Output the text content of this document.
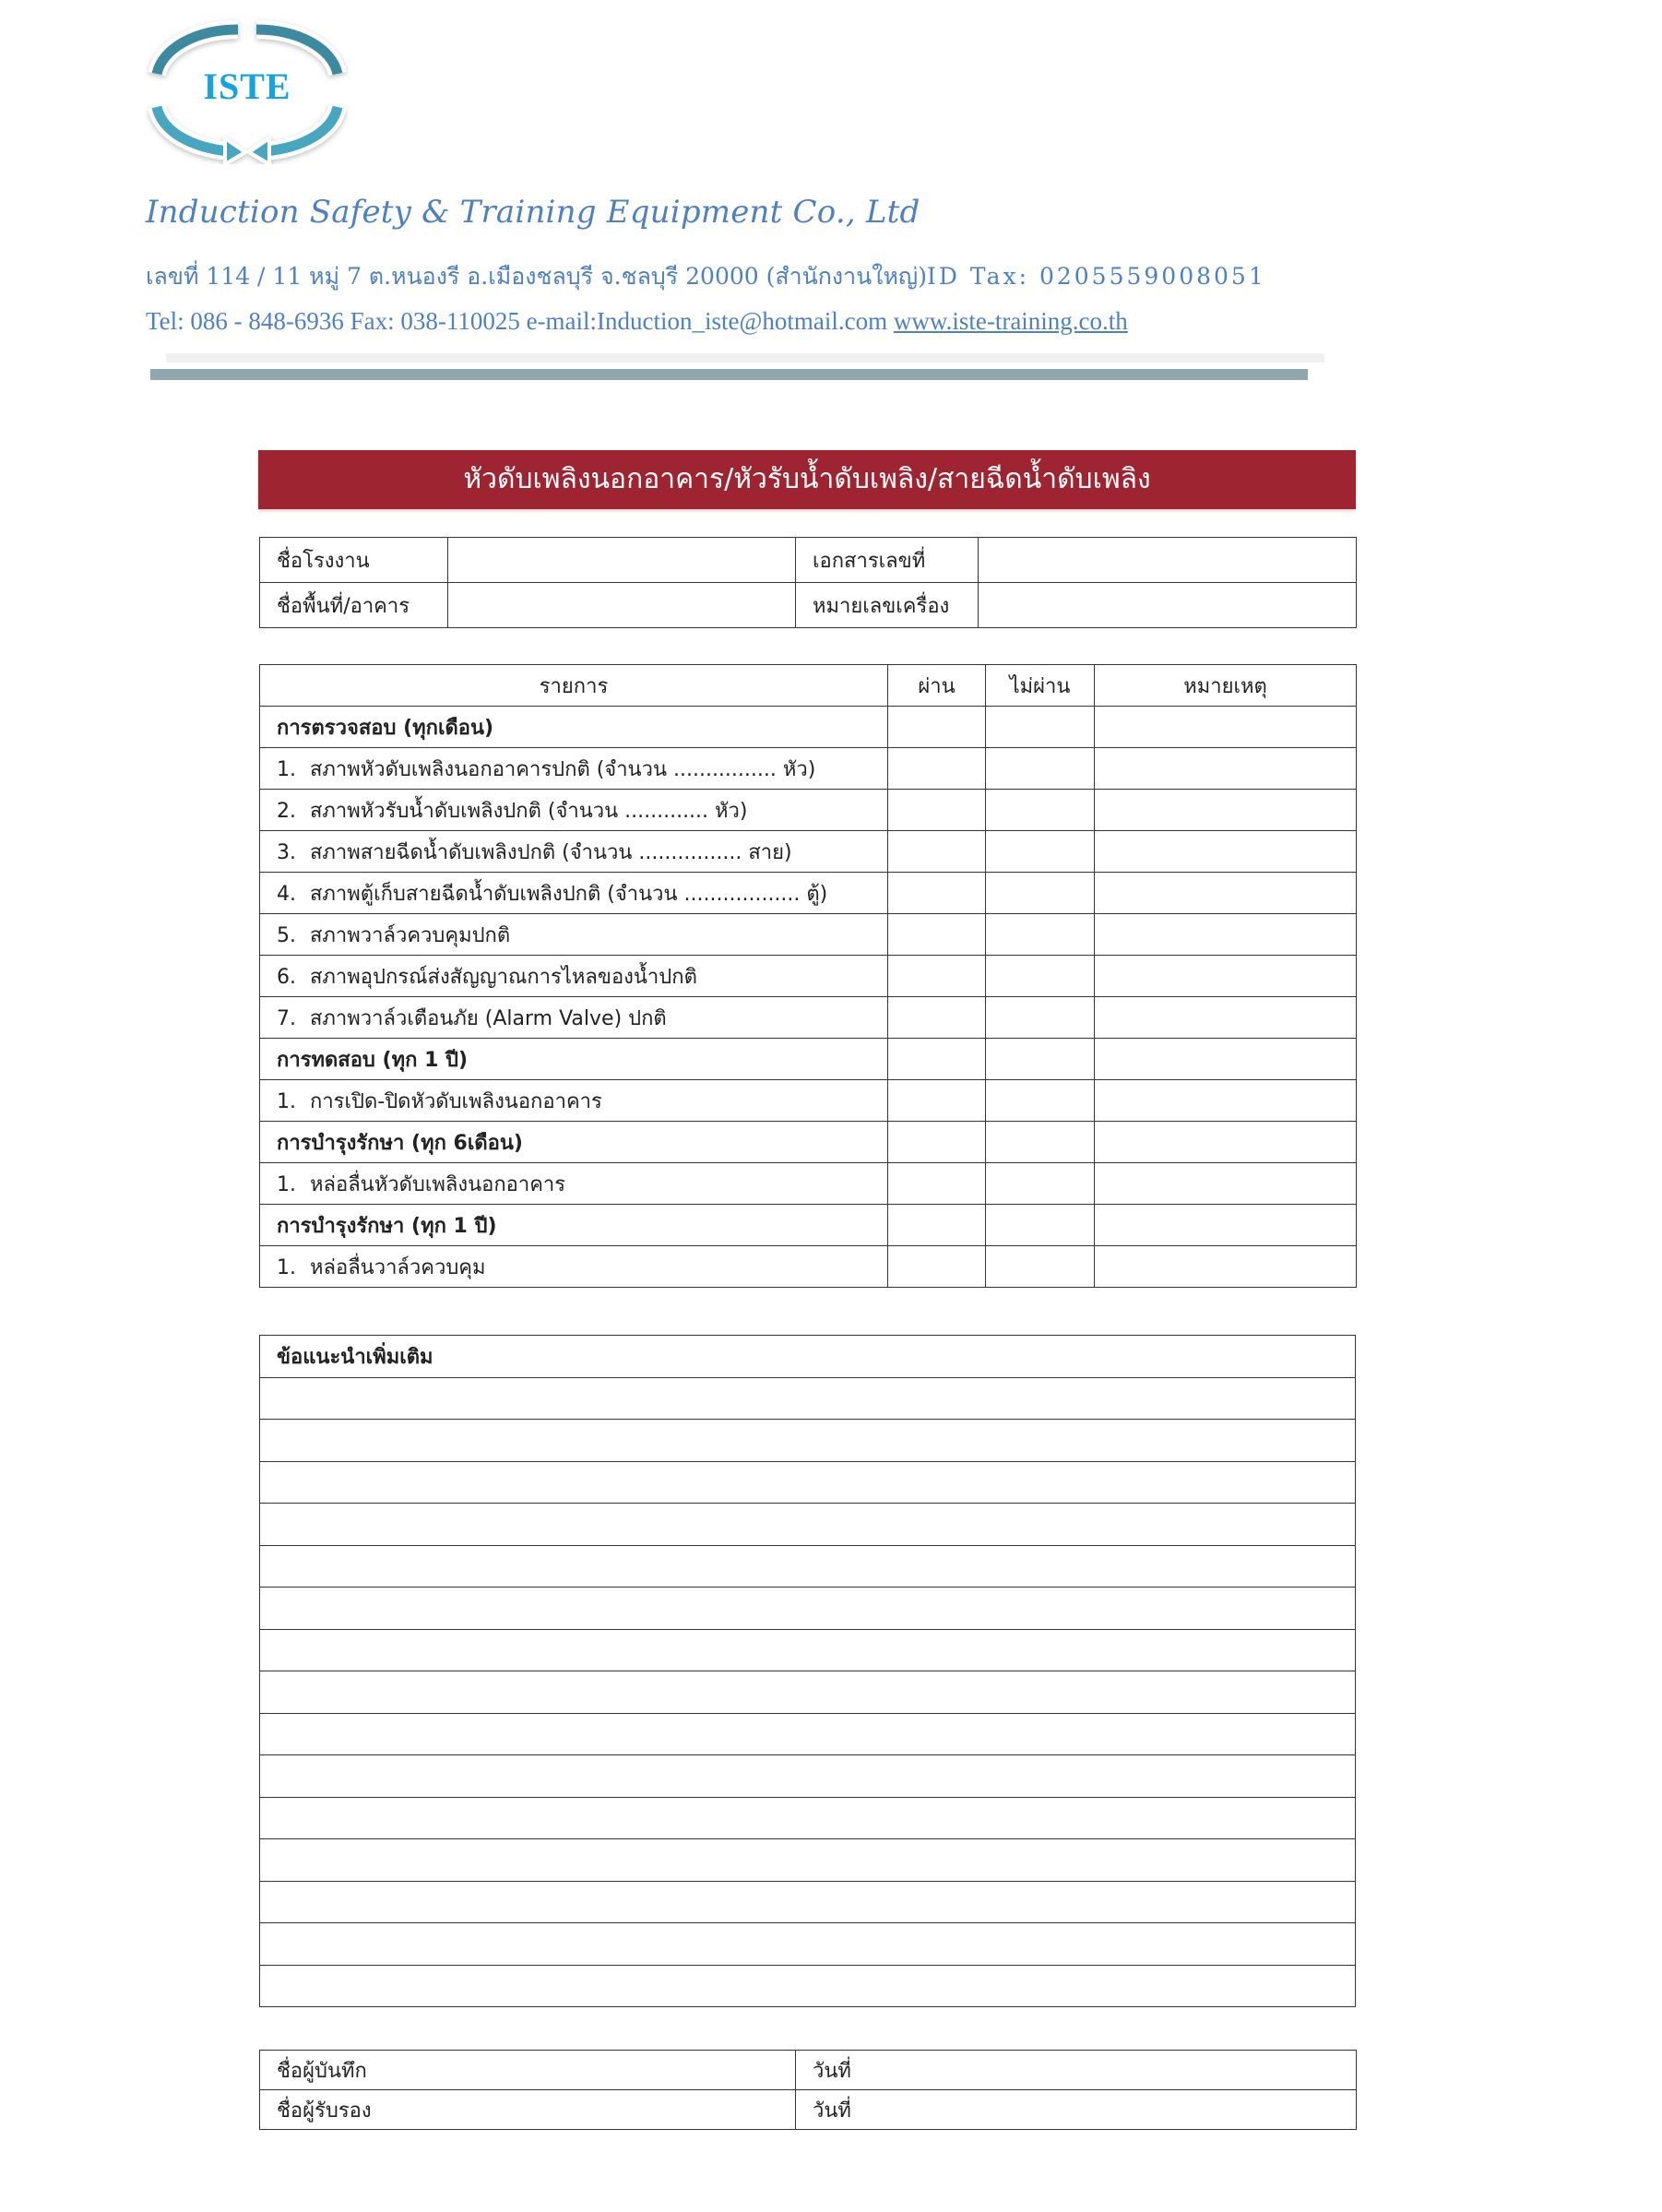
ISTE
Induction Safety & Training Equipment Co., Ltd
เลขที่ 114 / 11 หมู่ 7 ต.หนองรี อ.เมืองชลบุรี จ.ชลบุรี 20000 (สำนักงานใหญ่)ID Tax: 0205559008051
Tel: 086 - 848-6936 Fax: 038-110025 e-mail:Induction_iste@hotmail.com www.iste-training.co.th
หัวดับเพลิงนอกอาคาร/หัวรับน้ำดับเพลิง/สายฉีดน้ำดับเพลิง
ชื่อโรงงาน		เอกสารเลขที่	
ชื่อพื้นที่/อาคาร		หมายเลขเครื่อง	
รายการ	ผ่าน	ไม่ผ่าน	หมายเหตุ
การตรวจสอบ (ทุกเดือน)			
1. สภาพหัวดับเพลิงนอกอาคารปกติ (จำนวน ................ หัว)			
2. สภาพหัวรับน้ำดับเพลิงปกติ (จำนวน ............. หัว)			
3. สภาพสายฉีดน้ำดับเพลิงปกติ (จำนวน ................ สาย)			
4. สภาพตู้เก็บสายฉีดน้ำดับเพลิงปกติ (จำนวน .................. ตู้)			
5. สภาพวาล์วควบคุมปกติ			
6. สภาพอุปกรณ์ส่งสัญญาณการไหลของน้ำปกติ			
7. สภาพวาล์วเตือนภัย (Alarm Valve) ปกติ			
การทดสอบ (ทุก 1 ปี)			
1. การเปิด-ปิดหัวดับเพลิงนอกอาคาร			
การบำรุงรักษา (ทุก 6เดือน)			
1. หล่อลื่นหัวดับเพลิงนอกอาคาร			
การบำรุงรักษา (ทุก 1 ปี)			
1. หล่อลื่นวาล์วควบคุม			
ข้อแนะนำเพิ่มเติม

ชื่อผู้บันทึก	วันที่
ชื่อผู้รับรอง	วันที่
